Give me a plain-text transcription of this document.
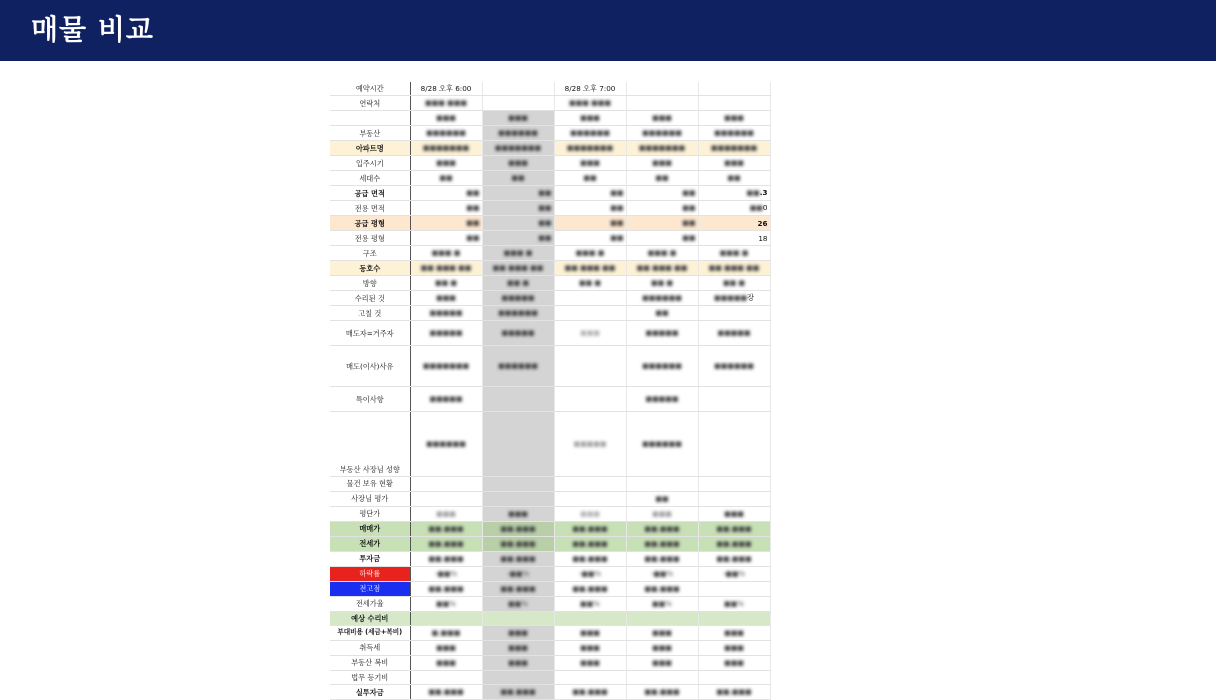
매물 비교
예약시간	8/28 오후 6:00		8/28 오후 7:00		
연락처	■■■ ■■■		■■■ ■■■		
	■■■	■■■	■■■	■■■	■■■
부동산	■■■■■■	■■■■■■	■■■■■■	■■■■■■	■■■■■■
아파트명	■■■■■■■	■■■■■■■	■■■■■■■	■■■■■■■	■■■■■■■
입주시기	■■■	■■■	■■■	■■■	■■■
세대수	■■	■■	■■	■■	■■
공급 면적	■■	■■	■■	■■	■■.3
전용 면적	■■	■■	■■	■■	■■0
공급 평형	■■	■■	■■	■■	26
전용 평형	■■	■■	■■	■■	18
구조	■■■ ■	■■■ ■	■■■ ■	■■■ ■	■■■ ■
동호수	■■ ■■■ ■■	■■ ■■■ ■■	■■ ■■■ ■■	■■ ■■■ ■■	■■ ■■■ ■■
방향	■■ ■	■■ ■	■■ ■	■■ ■	■■ ■
수리된 것	■■■	■■■■■		■■■■■■	■■■■■장
고칠 것	■■■■■	■■■■■■		■■	
매도자=거주자	■■■■■	■■■■■	■■■	■■■■■	■■■■■
매도(이사)사유	■■■■■■■	■■■■■■		■■■■■■	■■■■■■
특이사항	■■■■■			■■■■■	
부동산 사장님 성향	■■■■■■		■■■■■	■■■■■■	
물건 보유 현황					
사장님 평가				■■	
평단가	■■■	■■■	■■■	■■■	■■■
매매가	■■,■■■	■■,■■■	■■,■■■	■■,■■■	■■,■■■
전세가	■■,■■■	■■,■■■	■■,■■■	■■,■■■	■■,■■■
투자금	■■,■■■	■■,■■■	■■,■■■	■■,■■■	■■,■■■
하락률	-■■%	-■■%	-■■%	-■■%	-■■%
전고점	■■,■■■	■■,■■■	■■,■■■	■■,■■■	
전세가율	■■%	■■%	■■%	■■%	■■%
예상 수리비					
부대비용 (세금+복비)	■,■■■	■■■	■■■	■■■	■■■
취득세	■■■	■■■	■■■	■■■	■■■
부동산 복비	■■■	■■■	■■■	■■■	■■■
법무 등기비					
실투자금	■■,■■■	■■,■■■	■■,■■■	■■,■■■	■■,■■■
